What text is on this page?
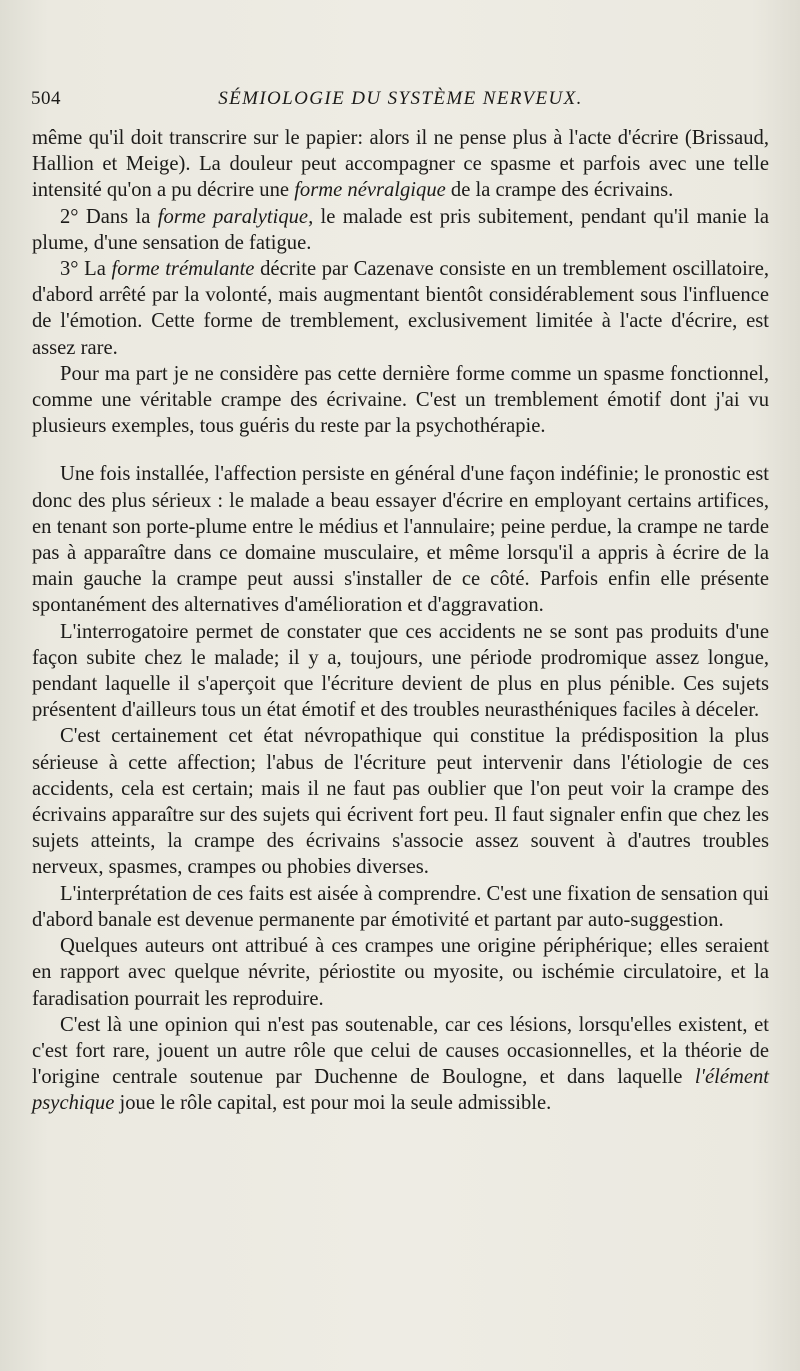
504	SÉMIOLOGIE DU SYSTÈME NERVEUX.

même qu'il doit transcrire sur le papier: alors il ne pense plus à l'acte d'écrire (Brissaud, Hallion et Meige). La douleur peut accompagner ce spasme et parfois avec une telle intensité qu'on a pu décrire une forme névralgique de la crampe des écrivains.

2° Dans la forme paralytique, le malade est pris subitement, pendant qu'il manie la plume, d'une sensation de fatigue.

3° La forme trémulante décrite par Cazenave consiste en un tremblement oscillatoire, d'abord arrêté par la volonté, mais augmentant bientôt considérablement sous l'influence de l'émotion. Cette forme de tremblement, exclusivement limitée à l'acte d'écrire, est assez rare.

Pour ma part je ne considère pas cette dernière forme comme un spasme fonctionnel, comme une véritable crampe des écrivaine. C'est un tremblement émotif dont j'ai vu plusieurs exemples, tous guéris du reste par la psychothérapie.

Une fois installée, l'affection persiste en général d'une façon indéfinie; le pronostic est donc des plus sérieux : le malade a beau essayer d'écrire en employant certains artifices, en tenant son porte-plume entre le médius et l'annulaire; peine perdue, la crampe ne tarde pas à apparaître dans ce domaine musculaire, et même lorsqu'il a appris à écrire de la main gauche la crampe peut aussi s'installer de ce côté. Parfois enfin elle présente spontanément des alternatives d'amélioration et d'aggravation.

L'interrogatoire permet de constater que ces accidents ne se sont pas produits d'une façon subite chez le malade; il y a, toujours, une période prodromique assez longue, pendant laquelle il s'aperçoit que l'écriture devient de plus en plus pénible. Ces sujets présentent d'ailleurs tous un état émotif et des troubles neurasthéniques faciles à déceler.

C'est certainement cet état névropathique qui constitue la prédisposition la plus sérieuse à cette affection; l'abus de l'écriture peut intervenir dans l'étiologie de ces accidents, cela est certain; mais il ne faut pas oublier que l'on peut voir la crampe des écrivains apparaître sur des sujets qui écrivent fort peu. Il faut signaler enfin que chez les sujets atteints, la crampe des écrivains s'associe assez souvent à d'autres troubles nerveux, spasmes, crampes ou phobies diverses.

L'interprétation de ces faits est aisée à comprendre. C'est une fixation de sensation qui d'abord banale est devenue permanente par émotivité et partant par auto-suggestion.

Quelques auteurs ont attribué à ces crampes une origine périphérique; elles seraient en rapport avec quelque névrite, périostite ou myosite, ou ischémie circulatoire, et la faradisation pourrait les reproduire.

C'est là une opinion qui n'est pas soutenable, car ces lésions, lorsqu'elles existent, et c'est fort rare, jouent un autre rôle que celui de causes occasionnelles, et la théorie de l'origine centrale soutenue par Duchenne de Boulogne, et dans laquelle l'élément psychique joue le rôle capital, est pour moi la seule admissible.
